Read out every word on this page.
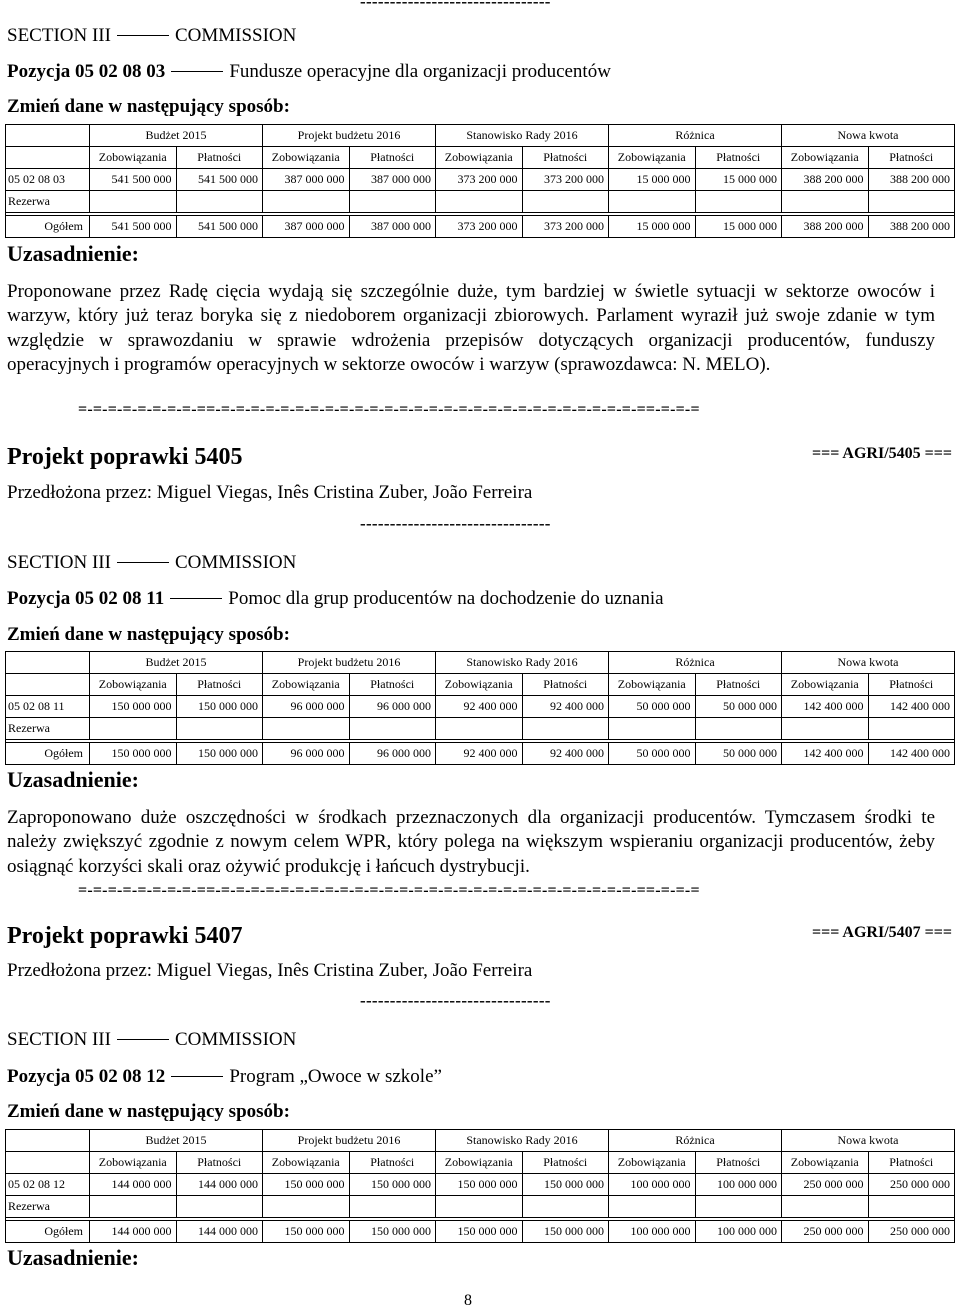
--------------------------------
SECTION III	COMMISSION
Pozycja 05 02 08 03	Fundusze operacyjne dla organizacji producentów
Zmień dane w następujący sposób:
	Budżet 2015		Projekt budżetu 2016		Stanowisko Rady 2016		Różnica		Nowa kwota	
	Zobowiązania	Płatności	Zobowiązania	Płatności	Zobowiązania	Płatności	Zobowiązania	Płatności	Zobowiązania	Płatności
05 02 08 03	541 500 000	541 500 000	387 000 000	387 000 000	373 200 000	373 200 000	15 000 000	15 000 000	388 200 000	388 200 000
Rezerwa										

Ogółem	541 500 000	541 500 000	387 000 000	387 000 000	373 200 000	373 200 000	15 000 000	15 000 000	388 200 000	388 200 000
Uzasadnienie:
Proponowane przez Radę cięcia wydają się szczególnie duże, tym bardziej w świetle sytuacji w sektorze owoców i warzyw, który już teraz boryka się z niedoborem organizacji zbiorowych. Parlament wyraził już swoje zdanie w tym względzie w sprawozdaniu w sprawie wdrożenia przepisów dotyczących organizacji producentów, funduszy operacyjnych i programów operacyjnych w sektorze owoców i warzyw (sprawozdawca: N. MELO).
=-=-=-=-=-=-=-=-==-=-=-=-=-=-=-=-=-=-=-=-=-=-=-=-=-=-=-=-=-=-=-=-=-=-=-=-=-==-=-=-=
Projekt poprawki 5405	=== AGRI/5405 ===
Przedłożona przez: Miguel Viegas, Inês Cristina Zuber, João Ferreira
--------------------------------
SECTION III	COMMISSION
Pozycja 05 02 08 11	Pomoc dla grup producentów na dochodzenie do uznania
Zmień dane w następujący sposób:
	Budżet 2015		Projekt budżetu 2016		Stanowisko Rady 2016		Różnica		Nowa kwota	
	Zobowiązania	Płatności	Zobowiązania	Płatności	Zobowiązania	Płatności	Zobowiązania	Płatności	Zobowiązania	Płatności
05 02 08 11	150 000 000	150 000 000	96 000 000	96 000 000	92 400 000	92 400 000	50 000 000	50 000 000	142 400 000	142 400 000
Rezerwa										

Ogółem	150 000 000	150 000 000	96 000 000	96 000 000	92 400 000	92 400 000	50 000 000	50 000 000	142 400 000	142 400 000
Uzasadnienie:
Zaproponowano duże oszczędności w środkach przeznaczonych dla organizacji producentów. Tymczasem środki te należy zwiększyć zgodnie z nowym celem WPR, który polega na większym wspieraniu organizacji producentów, żeby osiągnąć korzyści skali oraz ożywić produkcję i łańcuch dystrybucji.
=-=-=-=-=-=-=-=-==-=-=-=-=-=-=-=-=-=-=-=-=-=-=-=-=-=-=-=-=-=-=-=-=-=-=-=-=-==-=-=-=
Projekt poprawki 5407	=== AGRI/5407 ===
Przedłożona przez: Miguel Viegas, Inês Cristina Zuber, João Ferreira
--------------------------------
SECTION III	COMMISSION
Pozycja 05 02 08 12	Program „Owoce w szkole”
Zmień dane w następujący sposób:
	Budżet 2015		Projekt budżetu 2016		Stanowisko Rady 2016		Różnica		Nowa kwota	
	Zobowiązania	Płatności	Zobowiązania	Płatności	Zobowiązania	Płatności	Zobowiązania	Płatności	Zobowiązania	Płatności
05 02 08 12	144 000 000	144 000 000	150 000 000	150 000 000	150 000 000	150 000 000	100 000 000	100 000 000	250 000 000	250 000 000
Rezerwa										

Ogółem	144 000 000	144 000 000	150 000 000	150 000 000	150 000 000	150 000 000	100 000 000	100 000 000	250 000 000	250 000 000
Uzasadnienie:
8
